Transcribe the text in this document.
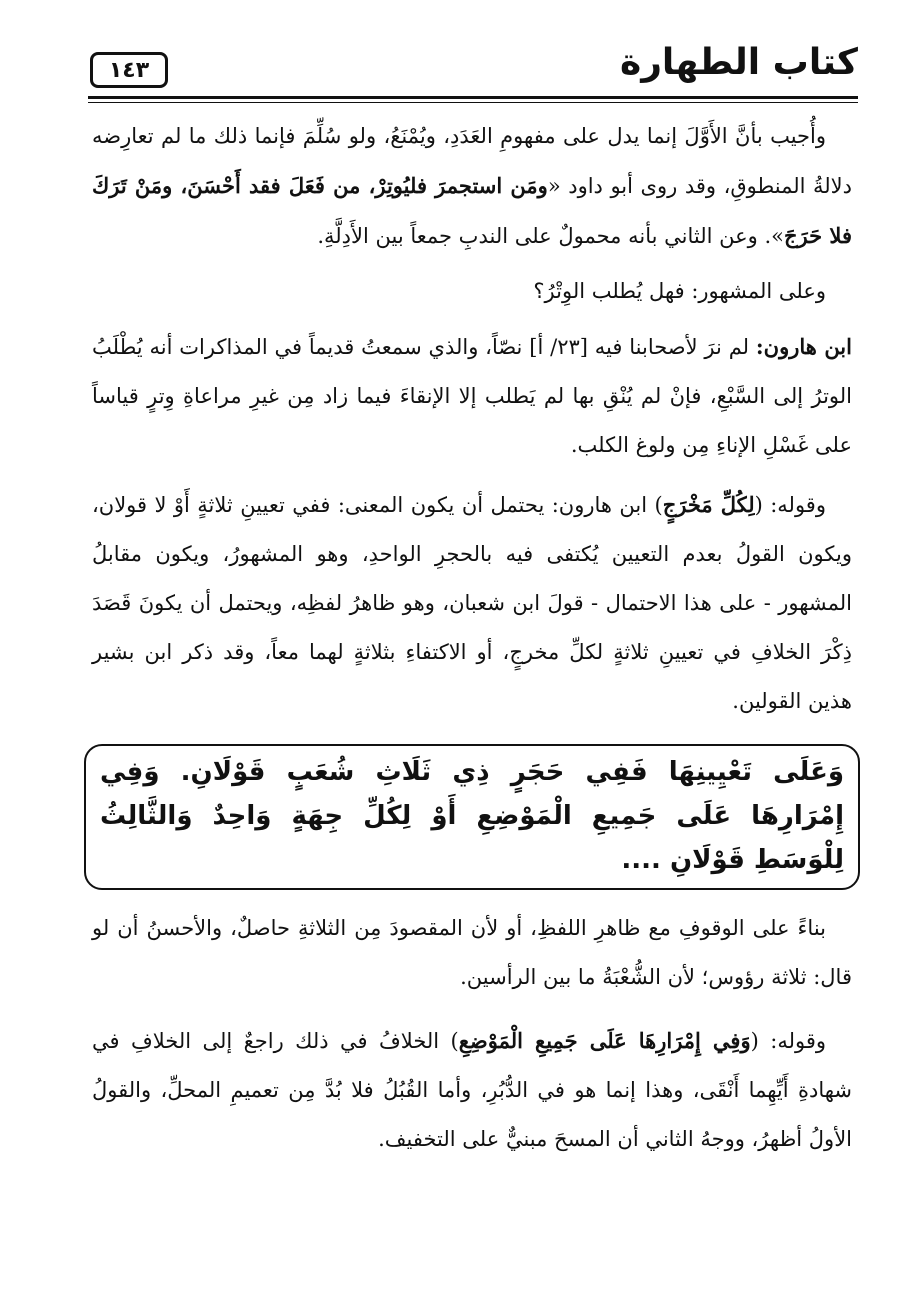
كتاب الطهارة
١٤٣

وأُجيب بأنَّ الأَوَّلَ إنما يدل على مفهومِ العَدَدِ، ويُمْنَعُ، ولو سُلِّمَ فإنما ذلك ما لم تعارِضه دلالةُ المنطوقِ، وقد روى أبو داود «ومَن استجمرَ فليُوتِرْ، من فَعَلَ فقد أَحْسَنَ، ومَنْ تَرَكَ فلا حَرَجَ». وعن الثاني بأنه محمولٌ على الندبِ جمعاً بين الأَدِلَّةِ.

وعلى المشهور: فهل يُطلب الوِتْرُ؟

ابن هارون: لم نرَ لأصحابنا فيه [٢٣/ أ] نصّاً، والذي سمعتُ قديماً في المذاكرات أنه يُطْلَبُ الوترُ إلى السَّبْعِ، فإنْ لم يُنْقِ بها لم يَطلب إلا الإنقاءَ فيما زاد مِن غيرِ مراعاةِ وِترٍ قياساً على غَسْلِ الإناءِ مِن ولوغ الكلب.

وقوله: (لِكُلِّ مَخْرَجٍ) ابن هارون: يحتمل أن يكون المعنى: ففي تعيينِ ثلاثةٍ أَوْ لا قولان، ويكون القولُ بعدم التعيين يُكتفى فيه بالحجرِ الواحدِ، وهو المشهورُ، ويكون مقابلُ المشهور - على هذا الاحتمال - قولَ ابن شعبان، وهو ظاهرُ لفظِه، ويحتمل أن يكونَ قَصَدَ ذِكْرَ الخلافِ في تعيينِ ثلاثةٍ لكلِّ مخرجٍ، أو الاكتفاءِ بثلاثةٍ لهما معاً، وقد ذكر ابن بشير هذين القولين.

وَعَلَى تَعْيِينِهَا فَفِي حَجَرٍ ذِي ثَلَاثِ شُعَبٍ قَوْلَانِ. وَفِي إِمْرَارِهَا عَلَى جَمِيعِ الْمَوْضِعِ أَوْ لِكُلِّ جِهَةٍ وَاحِدٌ وَالثَّالِثُ لِلْوَسَطِ قَوْلَانِ ....

بناءً على الوقوفِ مع ظاهرِ اللفظِ، أو لأن المقصودَ مِن الثلاثةِ حاصلٌ، والأحسنُ أن لو قال: ثلاثة رؤوس؛ لأن الشُّعْبَةُ ما بين الرأسين.

وقوله: (وَفِي إِمْرَارِهَا عَلَى جَمِيعِ الْمَوْضِعِ) الخلافُ في ذلك راجعٌ إلى الخلافِ في شهادةِ أَيِّهِما أَنْقَى، وهذا إنما هو في الدُّبُرِ، وأما القُبُلُ فلا بُدَّ مِن تعميمِ المحلِّ، والقولُ الأولُ أظهرُ، ووجهُ الثاني أن المسحَ مبنيٌّ على التخفيف.
